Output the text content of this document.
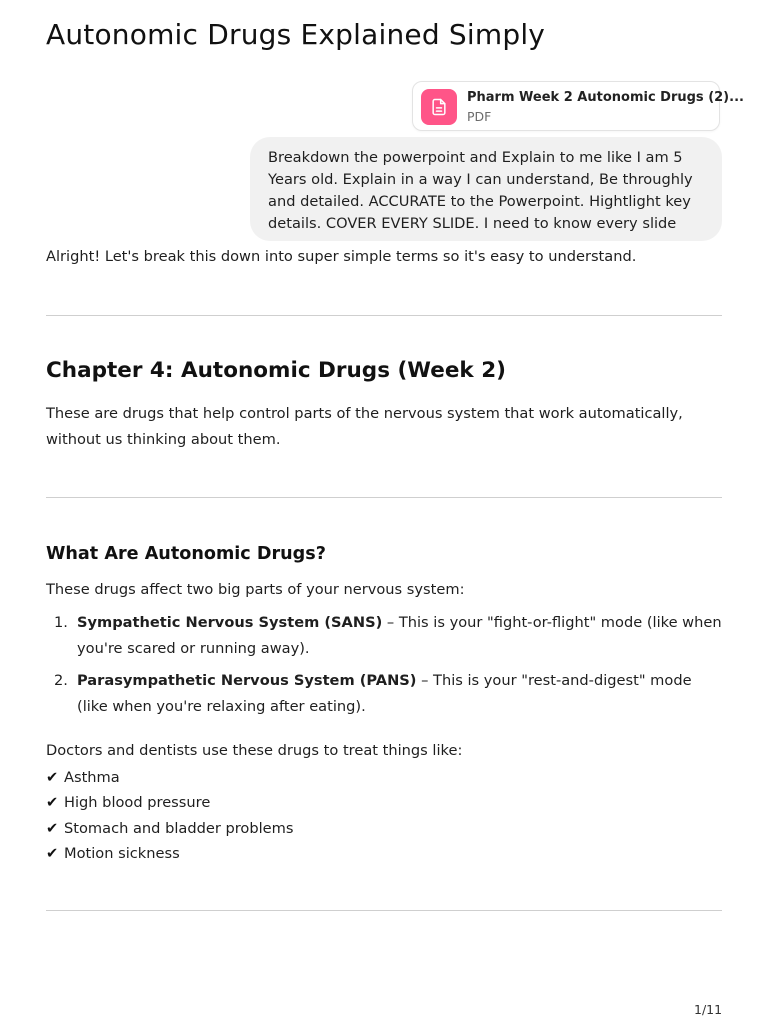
Autonomic Drugs Explained Simply
Pharm Week 2 Autonomic Drugs (2)...
PDF
Breakdown the powerpoint and Explain to me like I am 5 Years old. Explain in a way I can understand, Be throughly and detailed. ACCURATE to the Powerpoint. Hightlight key details. COVER EVERY SLIDE. I need to know every slide

Alright! Let's break this down into super simple terms so it's easy to understand.

Chapter 4: Autonomic Drugs (Week 2)

These are drugs that help control parts of the nervous system that work automatically, without us thinking about them.

What Are Autonomic Drugs?

These drugs affect two big parts of your nervous system:

1. Sympathetic Nervous System (SANS) – This is your "fight-or-flight" mode (like when you're scared or running away).
2. Parasympathetic Nervous System (PANS) – This is your "rest-and-digest" mode (like when you're relaxing after eating).

Doctors and dentists use these drugs to treat things like:

✔ Asthma
✔ High blood pressure
✔ Stomach and bladder problems
✔ Motion sickness
1/11
